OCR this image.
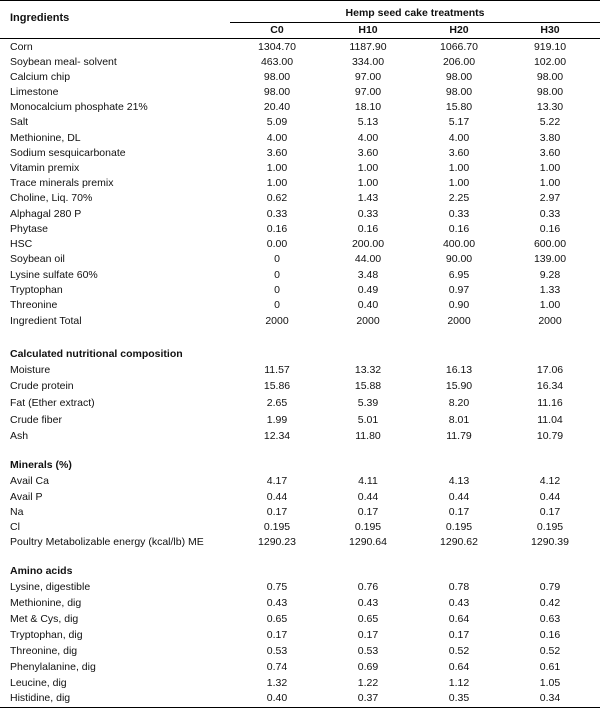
Ingredients	Hemp seed cake treatments
C0	H10	H20	H30
Corn	1304.70	1187.90	1066.70	919.10
Soybean meal- solvent	463.00	334.00	206.00	102.00
Calcium chip	98.00	97.00	98.00	98.00
Limestone	98.00	97.00	98.00	98.00
Monocalcium phosphate 21%	20.40	18.10	15.80	13.30
Salt	5.09	5.13	5.17	5.22
Methionine, DL	4.00	4.00	4.00	3.80
Sodium sesquicarbonate	3.60	3.60	3.60	3.60
Vitamin premix	1.00	1.00	1.00	1.00
Trace minerals premix	1.00	1.00	1.00	1.00
Choline, Liq. 70%	0.62	1.43	2.25	2.97
Alphagal 280 P	0.33	0.33	0.33	0.33
Phytase	0.16	0.16	0.16	0.16
HSC	0.00	200.00	400.00	600.00
Soybean oil	0	44.00	90.00	139.00
Lysine sulfate 60%	0	3.48	6.95	9.28
Tryptophan	0	0.49	0.97	1.33
Threonine	0	0.40	0.90	1.00
Ingredient Total	2000	2000	2000	2000
Calculated nutritional composition
Moisture	11.57	13.32	16.13	17.06
Crude protein	15.86	15.88	15.90	16.34
Fat (Ether extract)	2.65	5.39	8.20	11.16
Crude fiber	1.99	5.01	8.01	11.04
Ash	12.34	11.80	11.79	10.79
Minerals (%)
Avail Ca	4.17	4.11	4.13	4.12
Avail P	0.44	0.44	0.44	0.44
Na	0.17	0.17	0.17	0.17
Cl	0.195	0.195	0.195	0.195
Poultry Metabolizable energy (kcal/lb) ME	1290.23	1290.64	1290.62	1290.39
Amino acids
Lysine, digestible	0.75	0.76	0.78	0.79
Methionine, dig	0.43	0.43	0.43	0.42
Met & Cys, dig	0.65	0.65	0.64	0.63
Tryptophan, dig	0.17	0.17	0.17	0.16
Threonine, dig	0.53	0.53	0.52	0.52
Phenylalanine, dig	0.74	0.69	0.64	0.61
Leucine, dig	1.32	1.22	1.12	1.05
Histidine, dig	0.40	0.37	0.35	0.34
